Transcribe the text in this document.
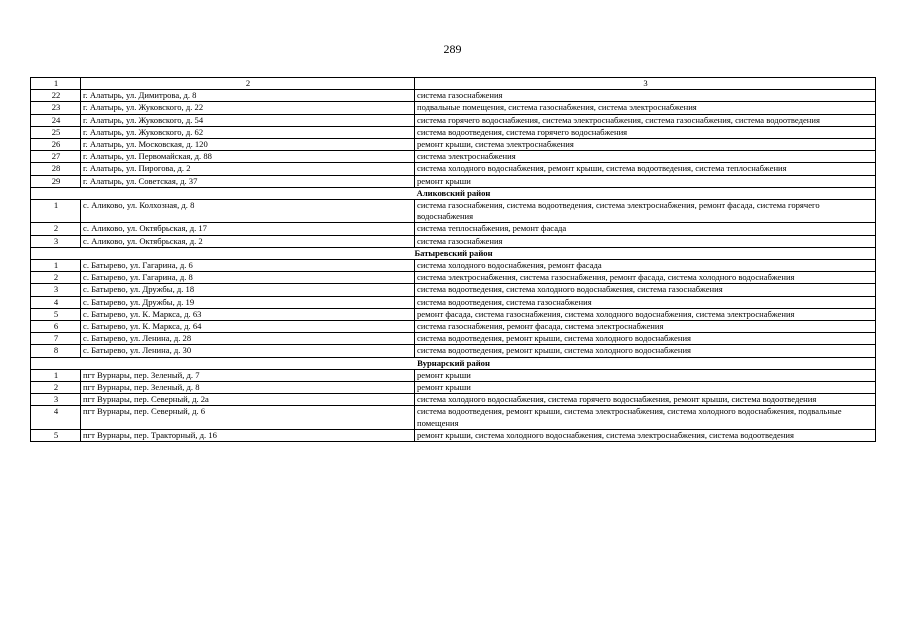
289
1	2	3
22	г. Алатырь, ул. Димитрова, д. 8	система газоснабжения
23	г. Алатырь, ул. Жуковского, д. 22	подвальные помещения, система газоснабжения, система электроснабжения
24	г. Алатырь, ул. Жуковского, д. 54	система горячего водоснабжения, система электроснабжения, система газоснабжения, система водоотведения
25	г. Алатырь, ул. Жуковского, д. 62	система водоотведения, система горячего водоснабжения
26	г. Алатырь, ул. Московская, д. 120	ремонт крыши, система электроснабжения
27	г. Алатырь, ул. Первомайская, д. 88	система электроснабжения
28	г. Алатырь, ул. Пирогова, д. 2	система холодного водоснабжения, ремонт крыши, система водоотведения, система теплоснабжения
29	г. Алатырь, ул. Советская, д. 37	ремонт крыши
Аликовский район		
1	с. Аликово, ул. Колхозная, д. 8	система газоснабжения, система водоотведения, система электроснабжения, ремонт фасада, система горячего водоснабжения
2	с. Аликово, ул. Октябрьская, д. 17	система теплоснабжения, ремонт фасада
3	с. Аликово, ул. Октябрьская, д. 2	система газоснабжения
Батыревский район		
1	с. Батырево, ул. Гагарина, д. 6	система холодного водоснабжения, ремонт фасада
2	с. Батырево, ул. Гагарина, д. 8	система электроснабжения, система газоснабжения, ремонт фасада, система холодного водоснабжения
3	с. Батырево, ул. Дружбы, д. 18	система водоотведения, система холодного водоснабжения, система газоснабжения
4	с. Батырево, ул. Дружбы, д. 19	система водоотведения, система газоснабжения
5	с. Батырево, ул. К. Маркса, д. 63	ремонт фасада, система газоснабжения, система холодного водоснабжения, система электроснабжения
6	с. Батырево, ул. К. Маркса, д. 64	система газоснабжения, ремонт фасада, система электроснабжения
7	с. Батырево, ул. Ленина, д. 28	система водоотведения, ремонт крыши, система холодного водоснабжения
8	с. Батырево, ул. Ленина, д. 30	система водоотведения, ремонт крыши, система холодного водоснабжения
Вурнарский район		
1	пгт Вурнары, пер. Зеленый, д. 7	ремонт крыши
2	пгт Вурнары, пер. Зеленый, д. 8	ремонт крыши
3	пгт Вурнары, пер. Северный, д. 2а	система холодного водоснабжения, система горячего водоснабжения, ремонт крыши, система водоотведения
4	пгт Вурнары, пер. Северный, д. 6	система водоотведения, ремонт крыши, система электроснабжения, система холодного водоснабжения, подвальные помещения
5	пгт Вурнары, пер. Тракторный, д. 16	ремонт крыши, система холодного водоснабжения, система электроснабжения, система водоотведения
